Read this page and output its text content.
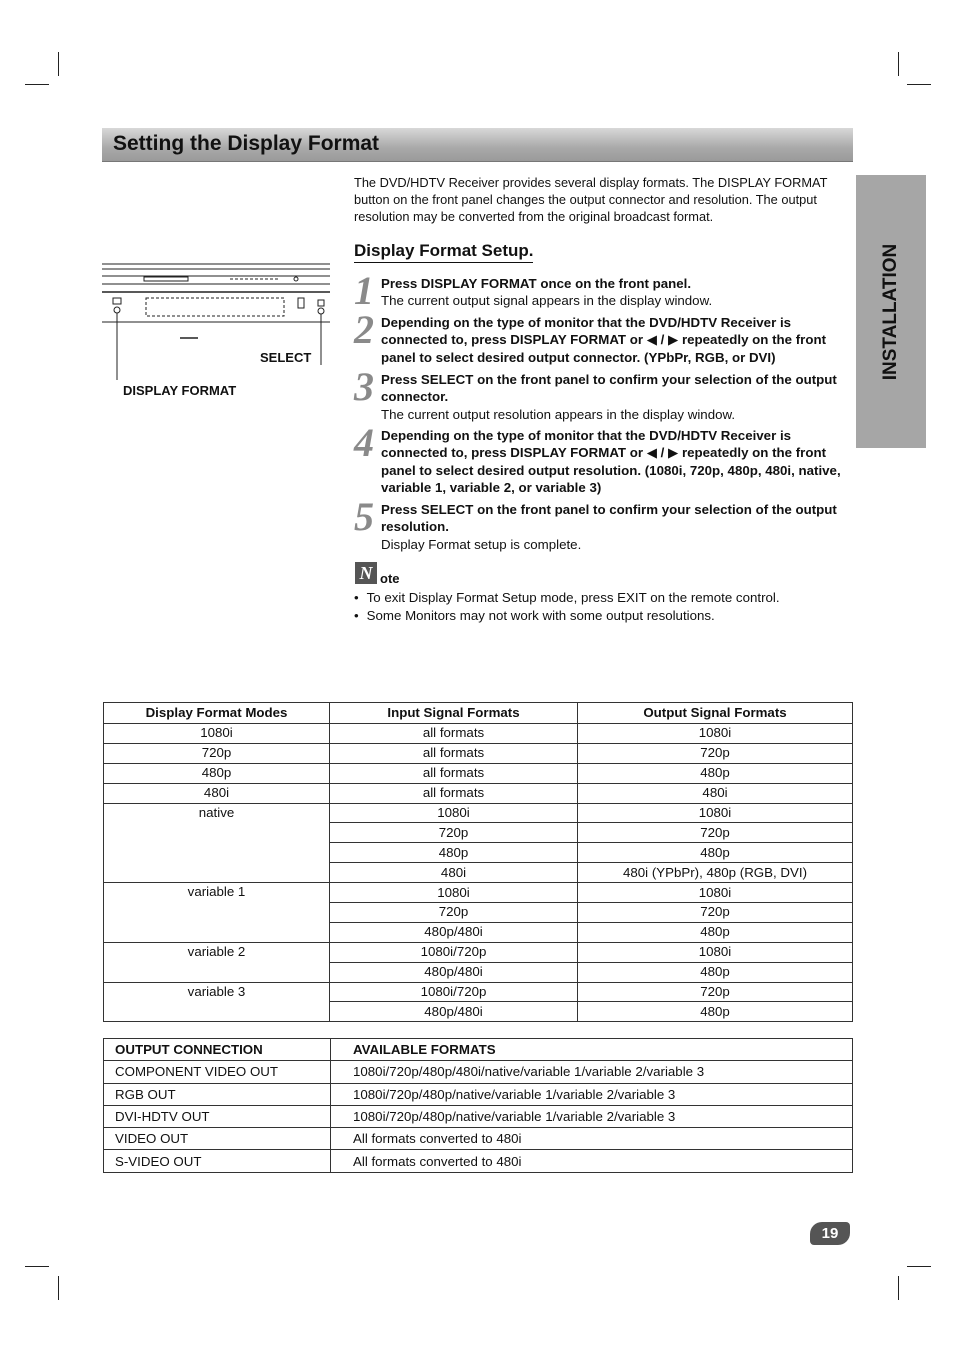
Setting the Display Format
INSTALLATION

The DVD/HDTV Receiver provides several display formats. The DISPLAY FORMAT button on the front panel changes the output connector and resolution. The output resolution may be converted from the original broadcast format.

SELECT
DISPLAY FORMAT
Display Format Setup.
1 Press DISPLAY FORMAT once on the front panel.
The current output signal appears in the display window.
2 Depending on the type of monitor that the DVD/HDTV Receiver is connected to, press DISPLAY FORMAT or ◀ / ▶ repeatedly on the front panel to select desired output connector. (YPbPr, RGB, or DVI)
3 Press SELECT on the front panel to confirm your selection of the output connector.
The current output resolution appears in the display window.
4 Depending on the type of monitor that the DVD/HDTV Receiver is connected to, press DISPLAY FORMAT or ◀ / ▶ repeatedly on the front panel to select desired output resolution. (1080i, 720p, 480p, 480i, native, variable 1, variable 2, or variable 3)
5 Press SELECT on the front panel to confirm your selection of the output resolution.
Display Format setup is complete.
N ote
• To exit Display Format Setup mode, press EXIT on the remote control.
• Some Monitors may not work with some output resolutions.
Display Format Modes	Input Signal Formats	Output Signal Formats
1080i	all formats	1080i
720p	all formats	720p
480p	all formats	480p
480i	all formats	480i
native	1080i	1080i
	720p	720p
	480p	480p
	480i	480i (YPbPr), 480p (RGB, DVI)
variable 1	1080i	1080i
	720p	720p
	480p/480i	480p
variable 2	1080i/720p	1080i
	480p/480i	480p
variable 3	1080i/720p	720p
	480p/480i	480p
OUTPUT CONNECTION	AVAILABLE FORMATS
COMPONENT VIDEO OUT	1080i/720p/480p/480i/native/variable 1/variable 2/variable 3
RGB OUT	1080i/720p/480p/native/variable 1/variable 2/variable 3
DVI-HDTV OUT	1080i/720p/480p/native/variable 1/variable 2/variable 3
VIDEO OUT	All formats converted to 480i
S-VIDEO OUT	All formats converted to 480i
19
